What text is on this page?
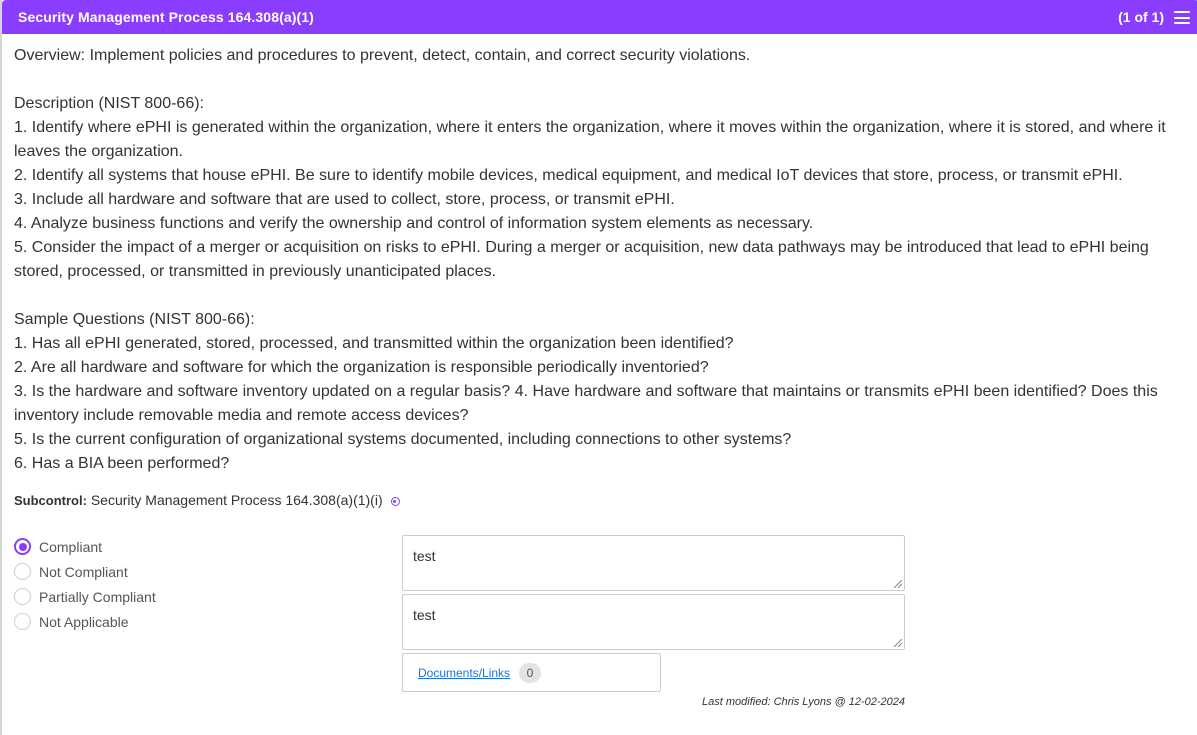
Security Management Process 164.308(a)(1)	(1 of 1)

Overview: Implement policies and procedures to prevent, detect, contain, and correct security violations.

Description (NIST 800-66):

1. Identify where ePHI is generated within the organization, where it enters the organization, where it moves within the organization, where it is stored, and where it leaves the organization.

2. Identify all systems that house ePHI. Be sure to identify mobile devices, medical equipment, and medical IoT devices that store, process, or transmit ePHI.

3. Include all hardware and software that are used to collect, store, process, or transmit ePHI.

4. Analyze business functions and verify the ownership and control of information system elements as necessary.

5. Consider the impact of a merger or acquisition on risks to ePHI. During a merger or acquisition, new data pathways may be introduced that lead to ePHI being stored, processed, or transmitted in previously unanticipated places.

Sample Questions (NIST 800-66):

1. Has all ePHI generated, stored, processed, and transmitted within the organization been identified?

2. Are all hardware and software for which the organization is responsible periodically inventoried?

3. Is the hardware and software inventory updated on a regular basis? 4. Have hardware and software that maintains or transmits ePHI been identified? Does this inventory include removable media and remote access devices?

5. Is the current configuration of organizational systems documented, including connections to other systems?

6. Has a BIA been performed?

Subcontrol: Security Management Process 164.308(a)(1)(i)
Compliant
Not Compliant
Partially Compliant
Not Applicable
test
test
Documents/Links	0
Last modified: Chris Lyons @ 12-02-2024
